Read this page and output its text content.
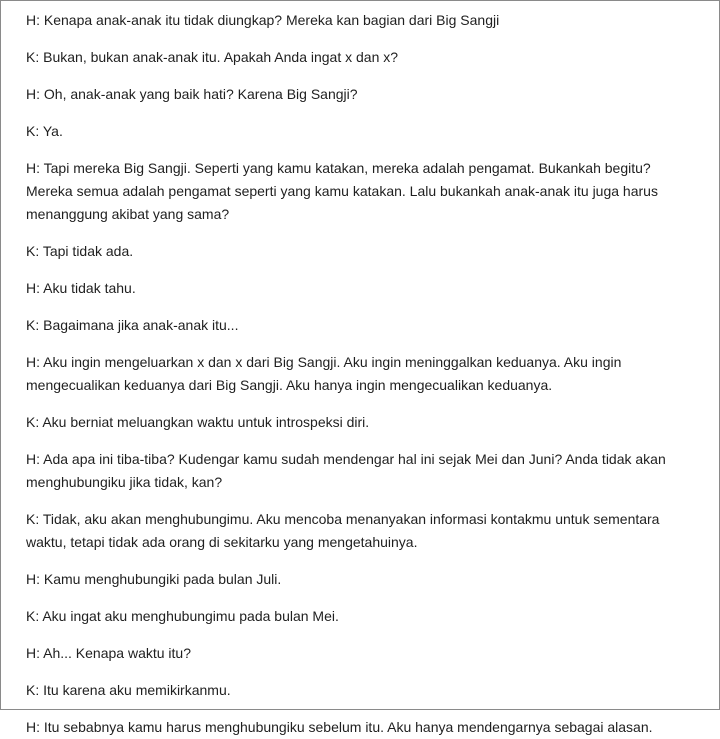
H: Kenapa anak-anak itu tidak diungkap? Mereka kan bagian dari Big Sangji

K: Bukan, bukan anak-anak itu. Apakah Anda ingat x dan x?

H: Oh, anak-anak yang baik hati? Karena Big Sangji?

K: Ya.

H: Tapi mereka Big Sangji. Seperti yang kamu katakan, mereka adalah pengamat. Bukankah begitu? Mereka semua adalah pengamat seperti yang kamu katakan. Lalu bukankah anak-anak itu juga harus menanggung akibat yang sama?

K: Tapi tidak ada.

H: Aku tidak tahu.

K: Bagaimana jika anak-anak itu...

H: Aku ingin mengeluarkan x dan x dari Big Sangji. Aku ingin meninggalkan keduanya. Aku ingin mengecualikan keduanya dari Big Sangji. Aku hanya ingin mengecualikan keduanya.

K: Aku berniat meluangkan waktu untuk introspeksi diri.

H: Ada apa ini tiba-tiba? Kudengar kamu sudah mendengar hal ini sejak Mei dan Juni? Anda tidak akan menghubungiku jika tidak, kan?

K: Tidak, aku akan menghubungimu. Aku mencoba menanyakan informasi kontakmu untuk sementara waktu, tetapi tidak ada orang di sekitarku yang mengetahuinya.

H: Kamu menghubungiki pada bulan Juli.

K: Aku ingat aku menghubungimu pada bulan Mei.

H: Ah... Kenapa waktu itu?

K: Itu karena aku memikirkanmu.

H: Itu sebabnya kamu harus menghubungiku sebelum itu. Aku hanya mendengarnya sebagai alasan.
